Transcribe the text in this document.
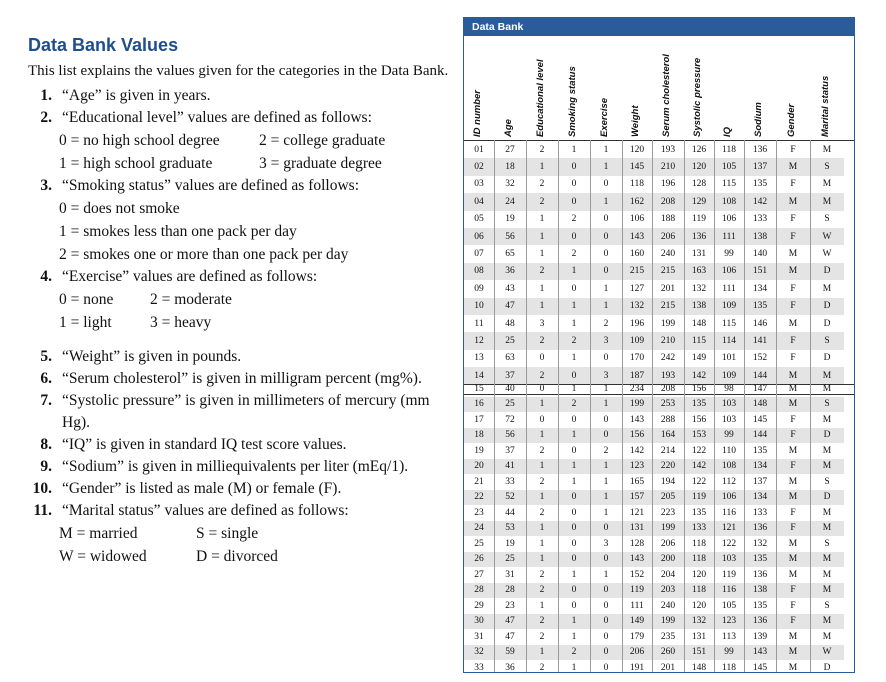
Data Bank Values
This list explains the values given for the categories in the Data Bank.
1. “Age” is given in years.
2. “Educational level” values are defined as follows:
0 = no high school degree	2 = college graduate
1 = high school graduate	3 = graduate degree
3. “Smoking status” values are defined as follows:
0 = does not smoke
1 = smokes less than one pack per day
2 = smokes one or more than one pack per day
4. “Exercise” values are defined as follows:
0 = none 2 = moderate
1 = light 3 = heavy
5. “Weight” is given in pounds.
6. “Serum cholesterol” is given in milligram percent (mg%).
7. “Systolic pressure” is given in millimeters of mercury (mm Hg).
8. “IQ” is given in standard IQ test score values.
9. “Sodium” is given in milliequivalents per liter (mEq/1).
10. “Gender” is listed as male (M) or female (F).
11. “Marital status” values are defined as follows:
M = married	S = single
W = widowed	D = divorced
Data Bank
ID number	Age	Educational level	Smoking status	Exercise	Weight	Serum cholesterol	Systolic pressure	IQ	Sodium	Gender	Marital status
01	27	2	1	1	120	193	126	118	136	F	M
02	18	1	0	1	145	210	120	105	137	M	S
03	32	2	0	0	118	196	128	115	135	F	M
04	24	2	0	1	162	208	129	108	142	M	M
05	19	1	2	0	106	188	119	106	133	F	S
06	56	1	0	0	143	206	136	111	138	F	W
07	65	1	2	0	160	240	131	99	140	M	W
08	36	2	1	0	215	215	163	106	151	M	D
09	43	1	0	1	127	201	132	111	134	F	M
10	47	1	1	1	132	215	138	109	135	F	D
11	48	3	1	2	196	199	148	115	146	M	D
12	25	2	2	3	109	210	115	114	141	F	S
13	63	0	1	0	170	242	149	101	152	F	D
14	37	2	0	3	187	193	142	109	144	M	M
15	40	0	1	1	234	208	156	98	147	M	M
16	25	1	2	1	199	253	135	103	148	M	S
17	72	0	0	0	143	288	156	103	145	F	M
18	56	1	1	0	156	164	153	99	144	F	D
19	37	2	0	2	142	214	122	110	135	M	M
20	41	1	1	1	123	220	142	108	134	F	M
21	33	2	1	1	165	194	122	112	137	M	S
22	52	1	0	1	157	205	119	106	134	M	D
23	44	2	0	1	121	223	135	116	133	F	M
24	53	1	0	0	131	199	133	121	136	F	M
25	19	1	0	3	128	206	118	122	132	M	S
26	25	1	0	0	143	200	118	103	135	M	M
27	31	2	1	1	152	204	120	119	136	M	M
28	28	2	0	0	119	203	118	116	138	F	M
29	23	1	0	0	111	240	120	105	135	F	S
30	47	2	1	0	149	199	132	123	136	F	M
31	47	2	1	0	179	235	131	113	139	M	M
32	59	1	2	0	206	260	151	99	143	M	W
33	36	2	1	0	191	201	148	118	145	M	D
